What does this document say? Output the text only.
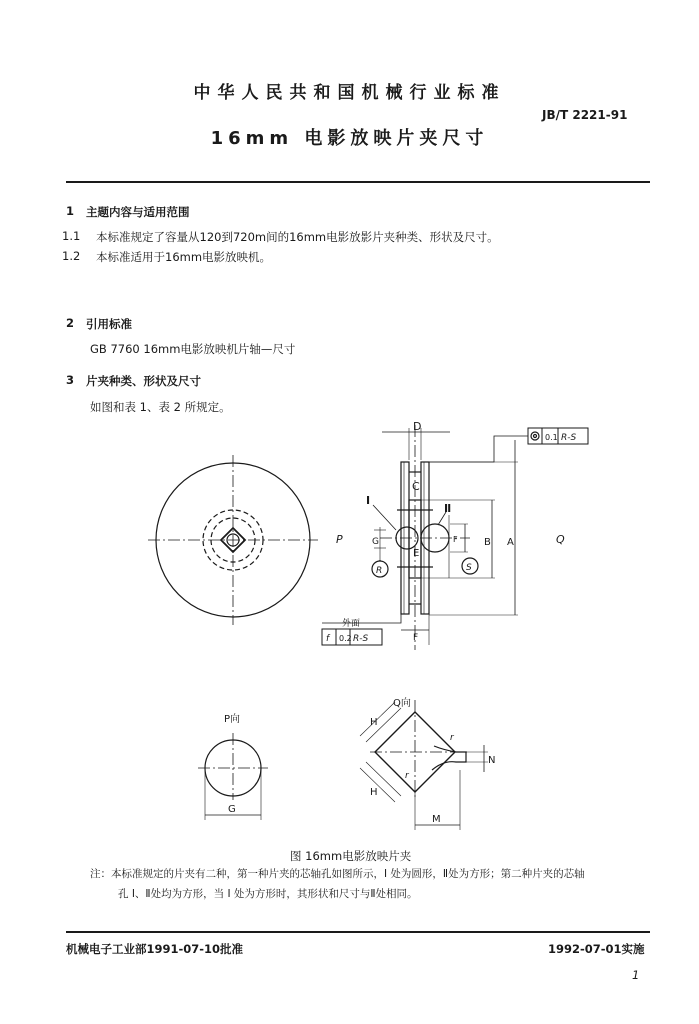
中华人民共和国机械行业标准
JB/T 2221-91
16mm 电影放映片夹尺寸
1 主题内容与适用范围
1.1 本标准规定了容量从120到720m间的16mm电影放影片夹种类、形状及尺寸。
1.2 本标准适用于16mm电影放映机。
2 引用标准
GB 7760 16mm电影放映机片轴—尺寸
3 片夹种类、形状及尺寸
如图和表 1、表 2 所规定。
D
C
I
Ⅱ
P	Q
G
E
B A
R	S
F
0.1 R-S
外面
f 0.2 R-S	F
P向
G
Q向
H
H
r
r
N
M
图 16mm电影放映片夹
注：本标准规定的片夹有二种，第一种片夹的芯轴孔如图所示，I 处为圆形，Ⅱ处为方形；第二种片夹的芯轴
孔 I、Ⅱ处均为方形，当 I 处为方形时，其形状和尺寸与Ⅱ处相同。
机械电子工业部1991-07-10批准	1992-07-01实施
1
